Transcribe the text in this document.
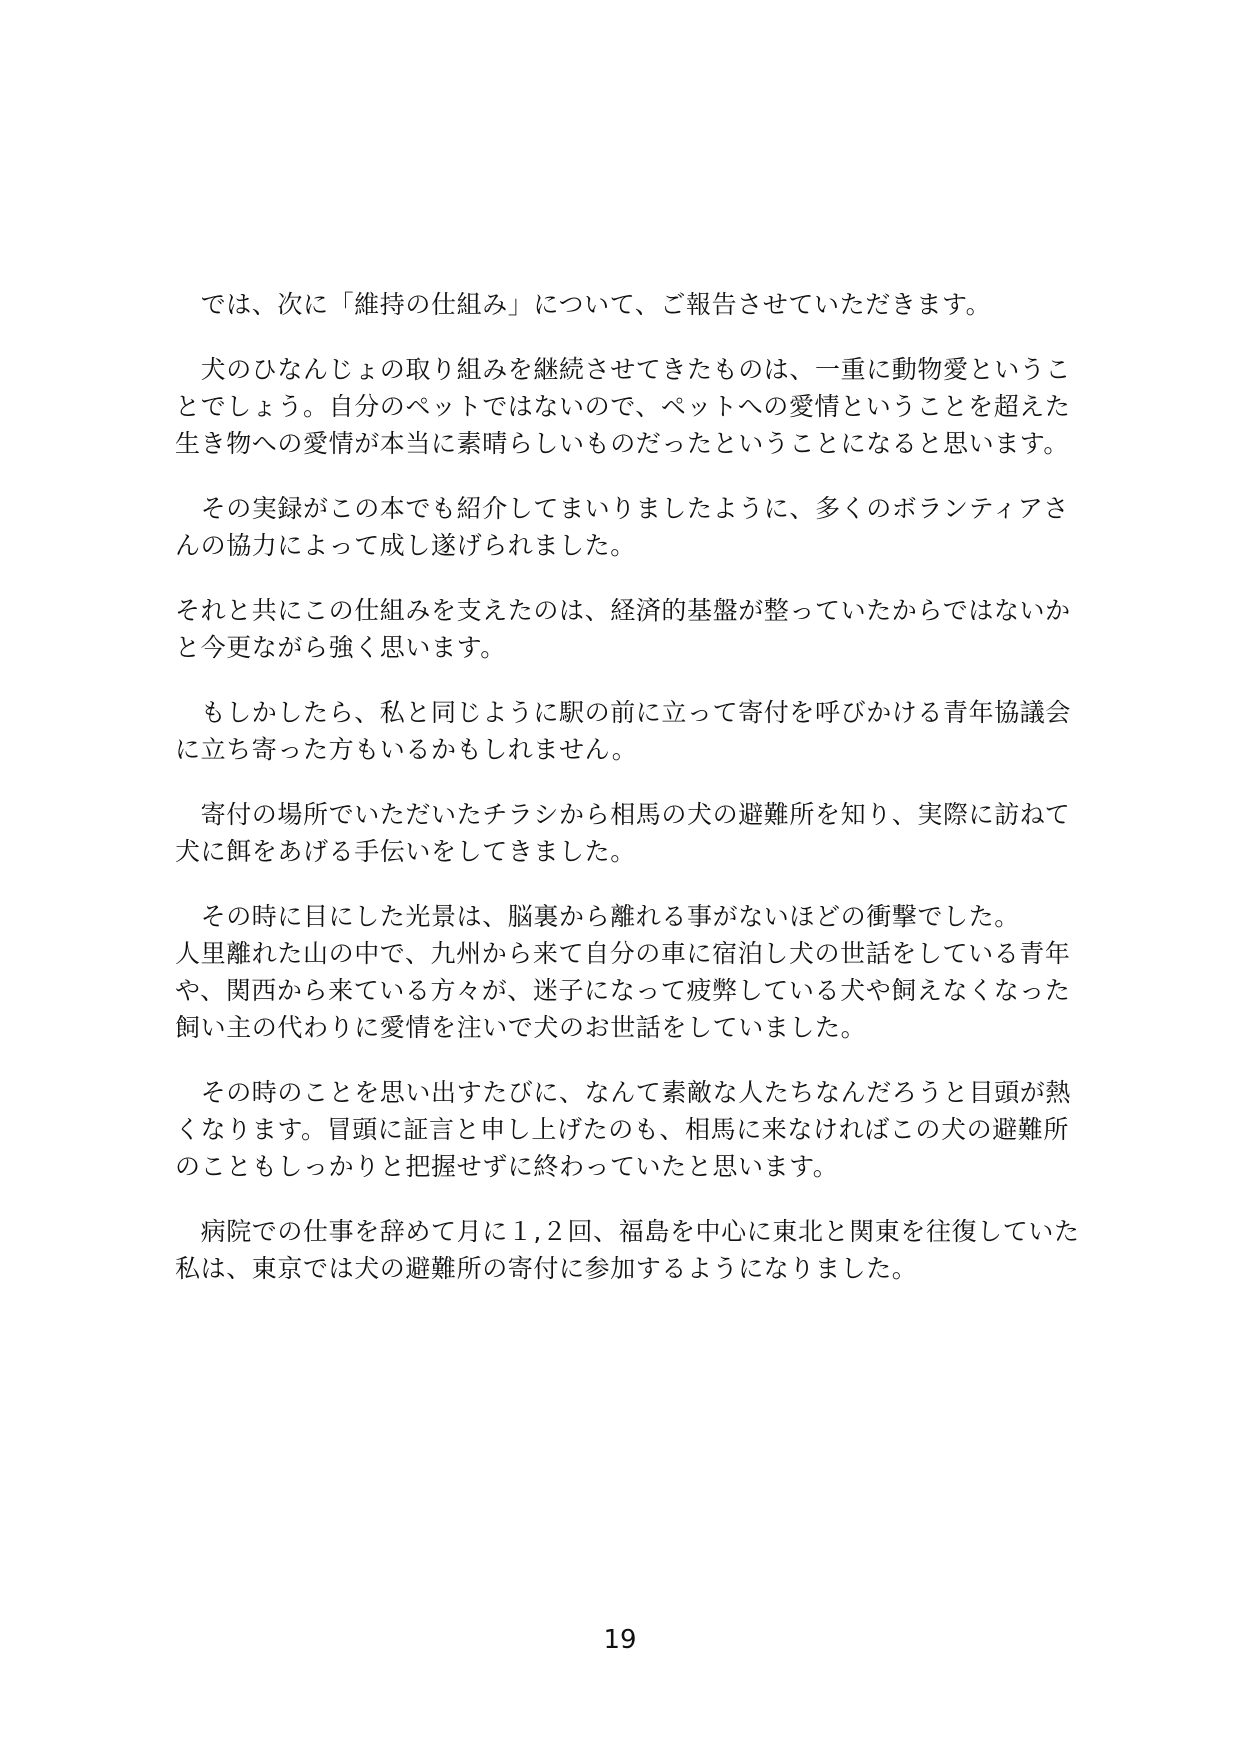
　では、次に「維持の仕組み」について、ご報告させていただきます。

　犬のひなんじょの取り組みを継続させてきたものは、一重に動物愛というこ
とでしょう。自分のペットではないので、ペットへの愛情ということを超えた
生き物への愛情が本当に素晴らしいものだったということになると思います。

　その実録がこの本でも紹介してまいりましたように、多くのボランティアさ
んの協力によって成し遂げられました。

それと共にこの仕組みを支えたのは、経済的基盤が整っていたからではないか
と今更ながら強く思います。

　もしかしたら、私と同じように駅の前に立って寄付を呼びかける青年協議会
に立ち寄った方もいるかもしれません。

　寄付の場所でいただいたチラシから相馬の犬の避難所を知り、実際に訪ねて
犬に餌をあげる手伝いをしてきました。

　その時に目にした光景は、脳裏から離れる事がないほどの衝撃でした。
人里離れた山の中で、九州から来て自分の車に宿泊し犬の世話をしている青年
や、関西から来ている方々が、迷子になって疲弊している犬や飼えなくなった
飼い主の代わりに愛情を注いで犬のお世話をしていました。

　その時のことを思い出すたびに、なんて素敵な人たちなんだろうと目頭が熱
くなります。冒頭に証言と申し上げたのも、相馬に来なければこの犬の避難所
のこともしっかりと把握せずに終わっていたと思います。

　病院での仕事を辞めて月に１,２回、福島を中心に東北と関東を往復していた
私は、東京では犬の避難所の寄付に参加するようになりました。

19
